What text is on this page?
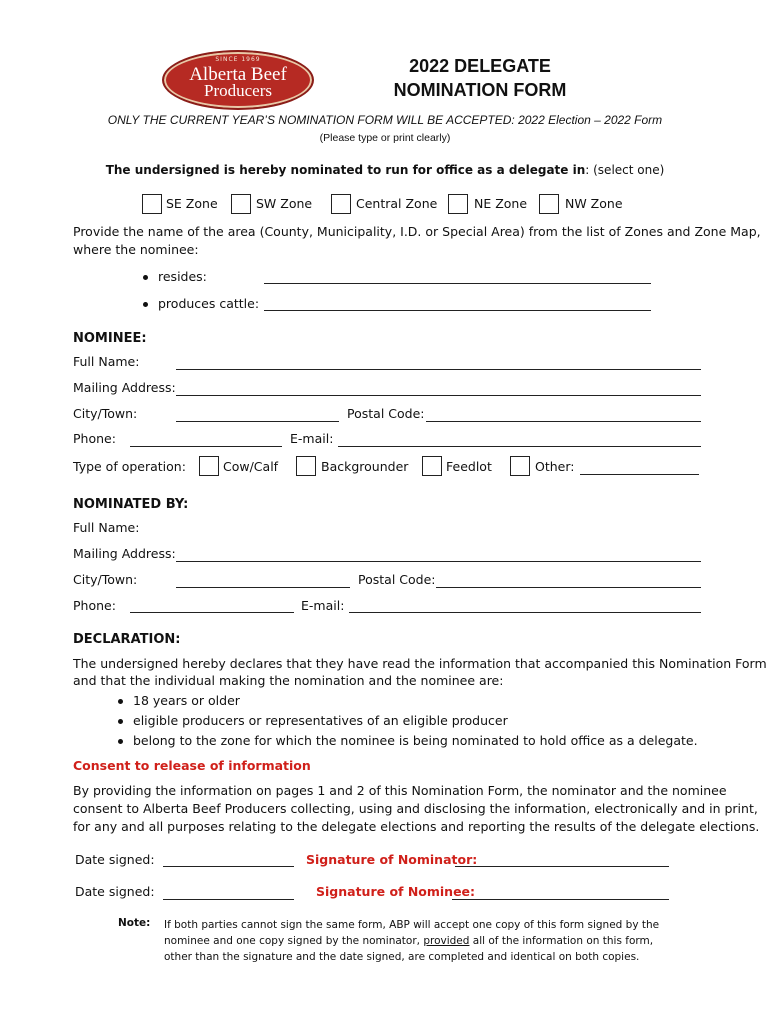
SINCE 1969
Alberta Beef
Producers
2022 DELEGATE
NOMINATION FORM
ONLY THE CURRENT YEAR’S NOMINATION FORM WILL BE ACCEPTED: 2022 Election – 2022 Form
(Please type or print clearly)
The undersigned is hereby nominated to run for office as a delegate in: (select one)
SE Zone	SW Zone	Central Zone	NE Zone	NW Zone
Provide the name of the area (County, Municipality, I.D. or Special Area) from the list of Zones and Zone Map,
where the nominee:
resides:
produces cattle:
NOMINEE:
Full Name:
Mailing Address:
City/Town:	Postal Code:
Phone:	E-mail:
Type of operation:	Cow/Calf	Backgrounder	Feedlot	Other:
NOMINATED BY:
Full Name:
Mailing Address:
City/Town:	Postal Code:
Phone:	E-mail:
DECLARATION:
The undersigned hereby declares that they have read the information that accompanied this Nomination Form
and that the individual making the nomination and the nominee are:
18 years or older
eligible producers or representatives of an eligible producer
belong to the zone for which the nominee is being nominated to hold office as a delegate.
Consent to release of information
By providing the information on pages 1 and 2 of this Nomination Form, the nominator and the nominee
consent to Alberta Beef Producers collecting, using and disclosing the information, electronically and in print,
for any and all purposes relating to the delegate elections and reporting the results of the delegate elections.
Date signed:	Signature of Nominator:
Date signed:	Signature of Nominee:
Note: If both parties cannot sign the same form, ABP will accept one copy of this form signed by the
nominee and one copy signed by the nominator, provided all of the information on this form,
other than the signature and the date signed, are completed and identical on both copies.
